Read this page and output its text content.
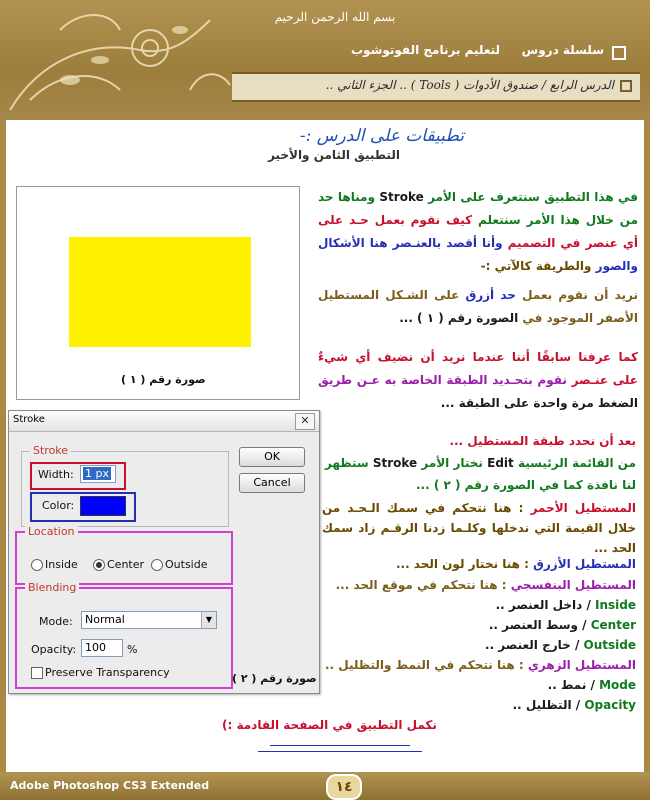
بسم الله الرحمن الرحيم
لتعليم برنامج الفوتوشوب سلسلة دروس
الدرس الرابع / صندوق الأدوات ( Tools ) .. الجزء الثاني ..
تطبيقات على الدرس :-
التطبيق الثامن والأخير
صورة رقم ( ١ )
في هذا التطبيق سنتعرف على الأمر Stroke ومناها حد من خلال هذا الأمر سنتعلم كيف نقوم بعمل حـد على أي عنصر في التصميم وأنا أقصد بالعنـصر هنا الأشكال والصور والطريقة كالآتي :-
نريد أن نقوم بعمل حد أزرق على الشـكل المستطيل الأصفر الموجود في الصورة رقم ( ١ ) ...
كما عرفنا سابقًا أننا عندما نريد أن نضيف أي شيءٌ على عنـصر نقوم بتحـديد الطبقة الخاصة به عـن طريق الضغط مرة واحدة على الطبقة ...
Stroke	✕
Stroke
Width: 1 px
Color:
OK
Cancel
Location
Inside	Center Outside
Blending
Mode: Normal	▼
Opacity: 100 %
Preserve Transparency	صورة رقم ( ٢ )
بعد أن نحدد طبقة المستطيل ...
من القائمة الرئيسية Edit نختار الأمر Stroke ستظهر
لنا نافذة كما في الصورة رقم ( ٢ ) ...
المستطيل الأحمر : هنا نتحكم في سمك الـحـد من خلال القيمة التي ندخلها وكلـما زدنا الرقـم زاد سمك الحد ...
المستطيل الأزرق : هنا نختار لون الحد ...
المستطيل البنفسجي : هنا نتحكم في موقع الحد ...
Inside / داخل العنصر ..
Center / وسط العنصر ..
Outside / خارج العنصر ..
المستطيل الزهري : هنا نتحكم في النمط والتظليل ..
Mode / نمط ..
Opacity / التظليل ..
نكمل التطبيق في الصفحة القادمة :)
Adobe Photoshop CS3 Extended	١٤
